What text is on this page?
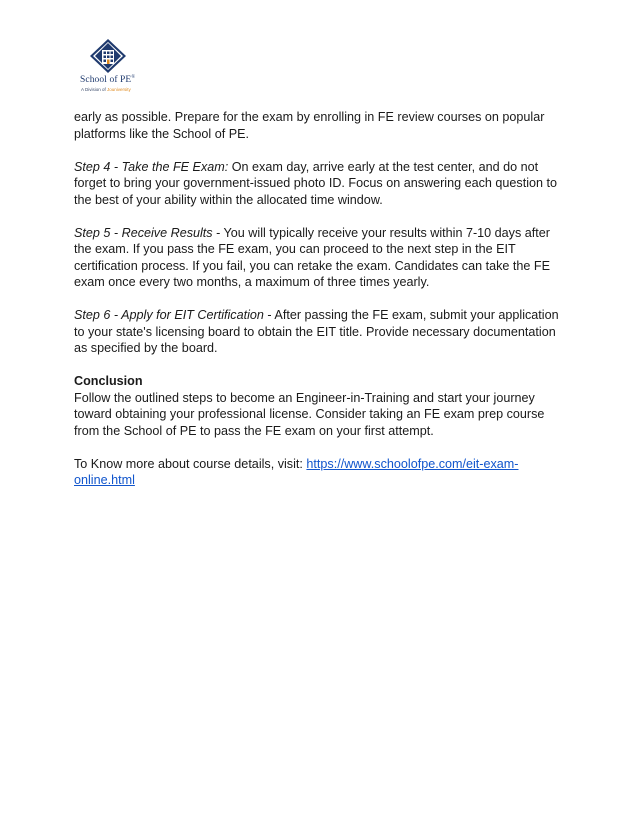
School of PE®
A Division of Jouniversity

early as possible. Prepare for the exam by enrolling in FE review courses on popular platforms like the School of PE.

Step 4 - Take the FE Exam: On exam day, arrive early at the test center, and do not forget to bring your government-issued photo ID. Focus on answering each question to the best of your ability within the allocated time window.

Step 5 - Receive Results - You will typically receive your results within 7-10 days after the exam. If you pass the FE exam, you can proceed to the next step in the EIT certification process. If you fail, you can retake the exam. Candidates can take the FE exam once every two months, a maximum of three times yearly.

Step 6 - Apply for EIT Certification - After passing the FE exam, submit your application to your state's licensing board to obtain the EIT title. Provide necessary documentation as specified by the board.

Conclusion
Follow the outlined steps to become an Engineer-in-Training and start your journey toward obtaining your professional license. Consider taking an FE exam prep course from the School of PE to pass the FE exam on your first attempt.

To Know more about course details, visit: https://www.schoolofpe.com/eit-exam-online.html
